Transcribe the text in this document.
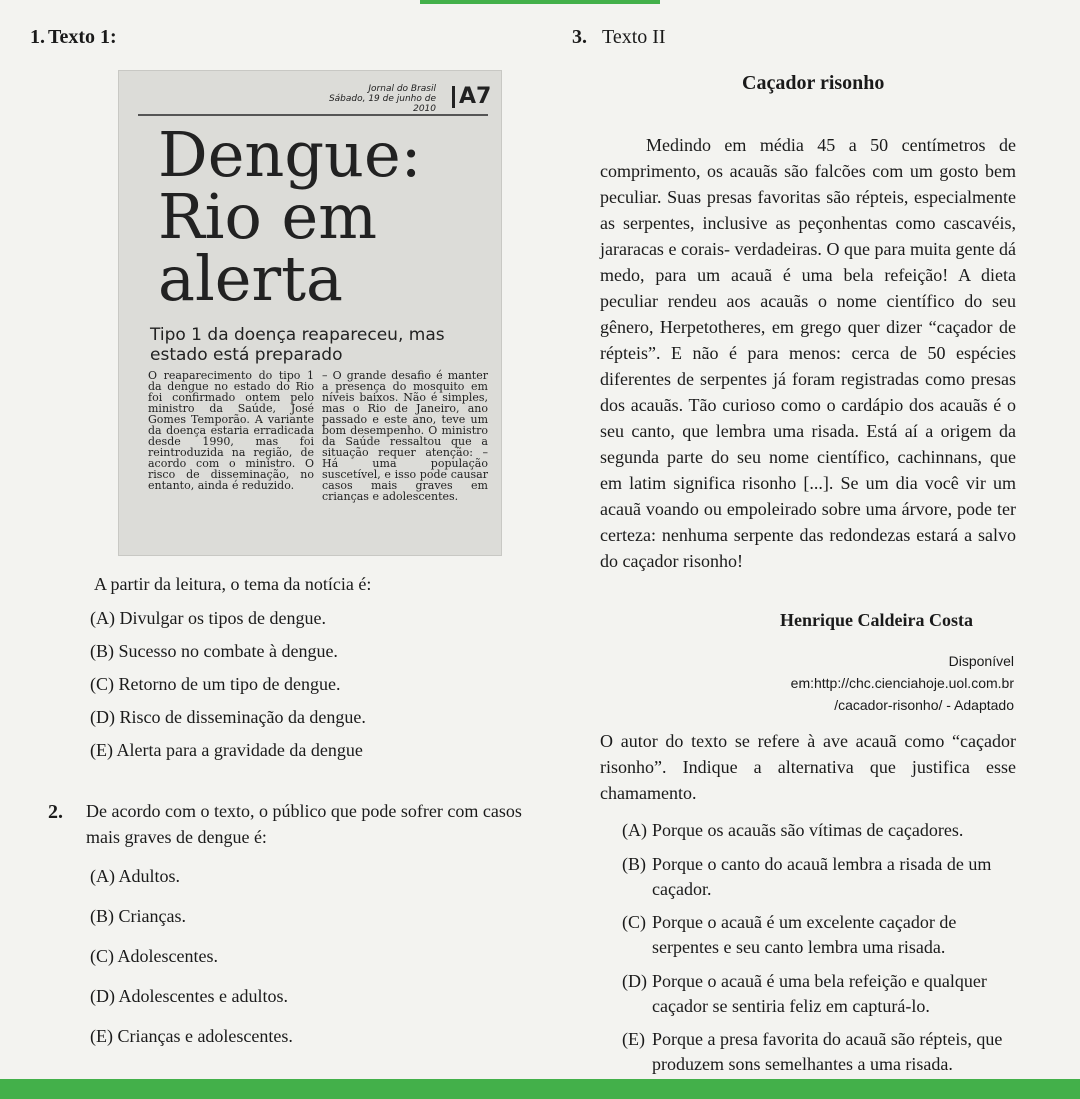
1. Texto 1:
Jornal do Brasil
Sábado, 19 de junho de 2010	A7
Dengue:
Rio em
alerta
Tipo 1 da doença reapareceu, mas estado está preparado

O reaparecimento do tipo 1 da dengue no estado do Rio foi confirmado ontem pelo ministro da Saúde, José Gomes Temporão. A variante da doença estaria erradicada desde 1990, mas foi reintroduzida na região, de acordo com o ministro. O risco de disseminação, no entanto, ainda é reduzido.

– O grande desafio é manter a presença do mosquito em níveis baixos. Não é simples, mas o Rio de Janeiro, ano passado e este ano, teve um bom desempenho. O ministro da Saúde ressaltou que a situação requer atenção: – Há uma população suscetível, e isso pode causar casos mais graves em crianças e adolescentes.

A partir da leitura, o tema da notícia é:
(A) Divulgar os tipos de dengue.
(B) Sucesso no combate à dengue.
(C) Retorno de um tipo de dengue.
(D) Risco de disseminação da dengue.
(E) Alerta para a gravidade da dengue
2. De acordo com o texto, o público que pode sofrer com casos
mais graves de dengue é:
(A) Adultos.
(B) Crianças.
(C) Adolescentes.
(D) Adolescentes e adultos.
(E) Crianças e adolescentes.
3. Texto II
Caçador risonho

Medindo em média 45 a 50 centímetros de comprimento, os acauãs são falcões com um gosto bem peculiar. Suas presas favoritas são répteis, especialmente as serpentes, inclusive as peçonhentas como cascavéis, jararacas e corais- verdadeiras. O que para muita gente dá medo, para um acauã é uma bela refeição! A dieta peculiar rendeu aos acauãs o nome científico do seu gênero, Herpetotheres, em grego quer dizer “caçador de répteis”. E não é para menos: cerca de 50 espécies diferentes de serpentes já foram registradas como presas dos acauãs. Tão curioso como o cardápio dos acauãs é o seu canto, que lembra uma risada. Está aí a origem da segunda parte do seu nome científico, cachinnans, que em latim significa risonho [...]. Se um dia você vir um acauã voando ou empoleirado sobre uma árvore, pode ter certeza: nenhuma serpente das redondezas estará a salvo do caçador risonho!

Henrique Caldeira Costa
Disponível
em:http://chc.cienciahoje.uol.com.br
/cacador-risonho/ - Adaptado

O autor do texto se refere à ave acauã como “caçador risonho”. Indique a alternativa que justifica esse chamamento.

(A) Porque os acauãs são vítimas de caçadores.
(B) Porque o canto do acauã lembra a risada de um caçador.
(C) Porque o acauã é um excelente caçador de serpentes e seu canto lembra uma risada.
(D) Porque o acauã é uma bela refeição e qualquer caçador se sentiria feliz em capturá-lo.
(E) Porque a presa favorita do acauã são répteis, que produzem sons semelhantes a uma risada.
